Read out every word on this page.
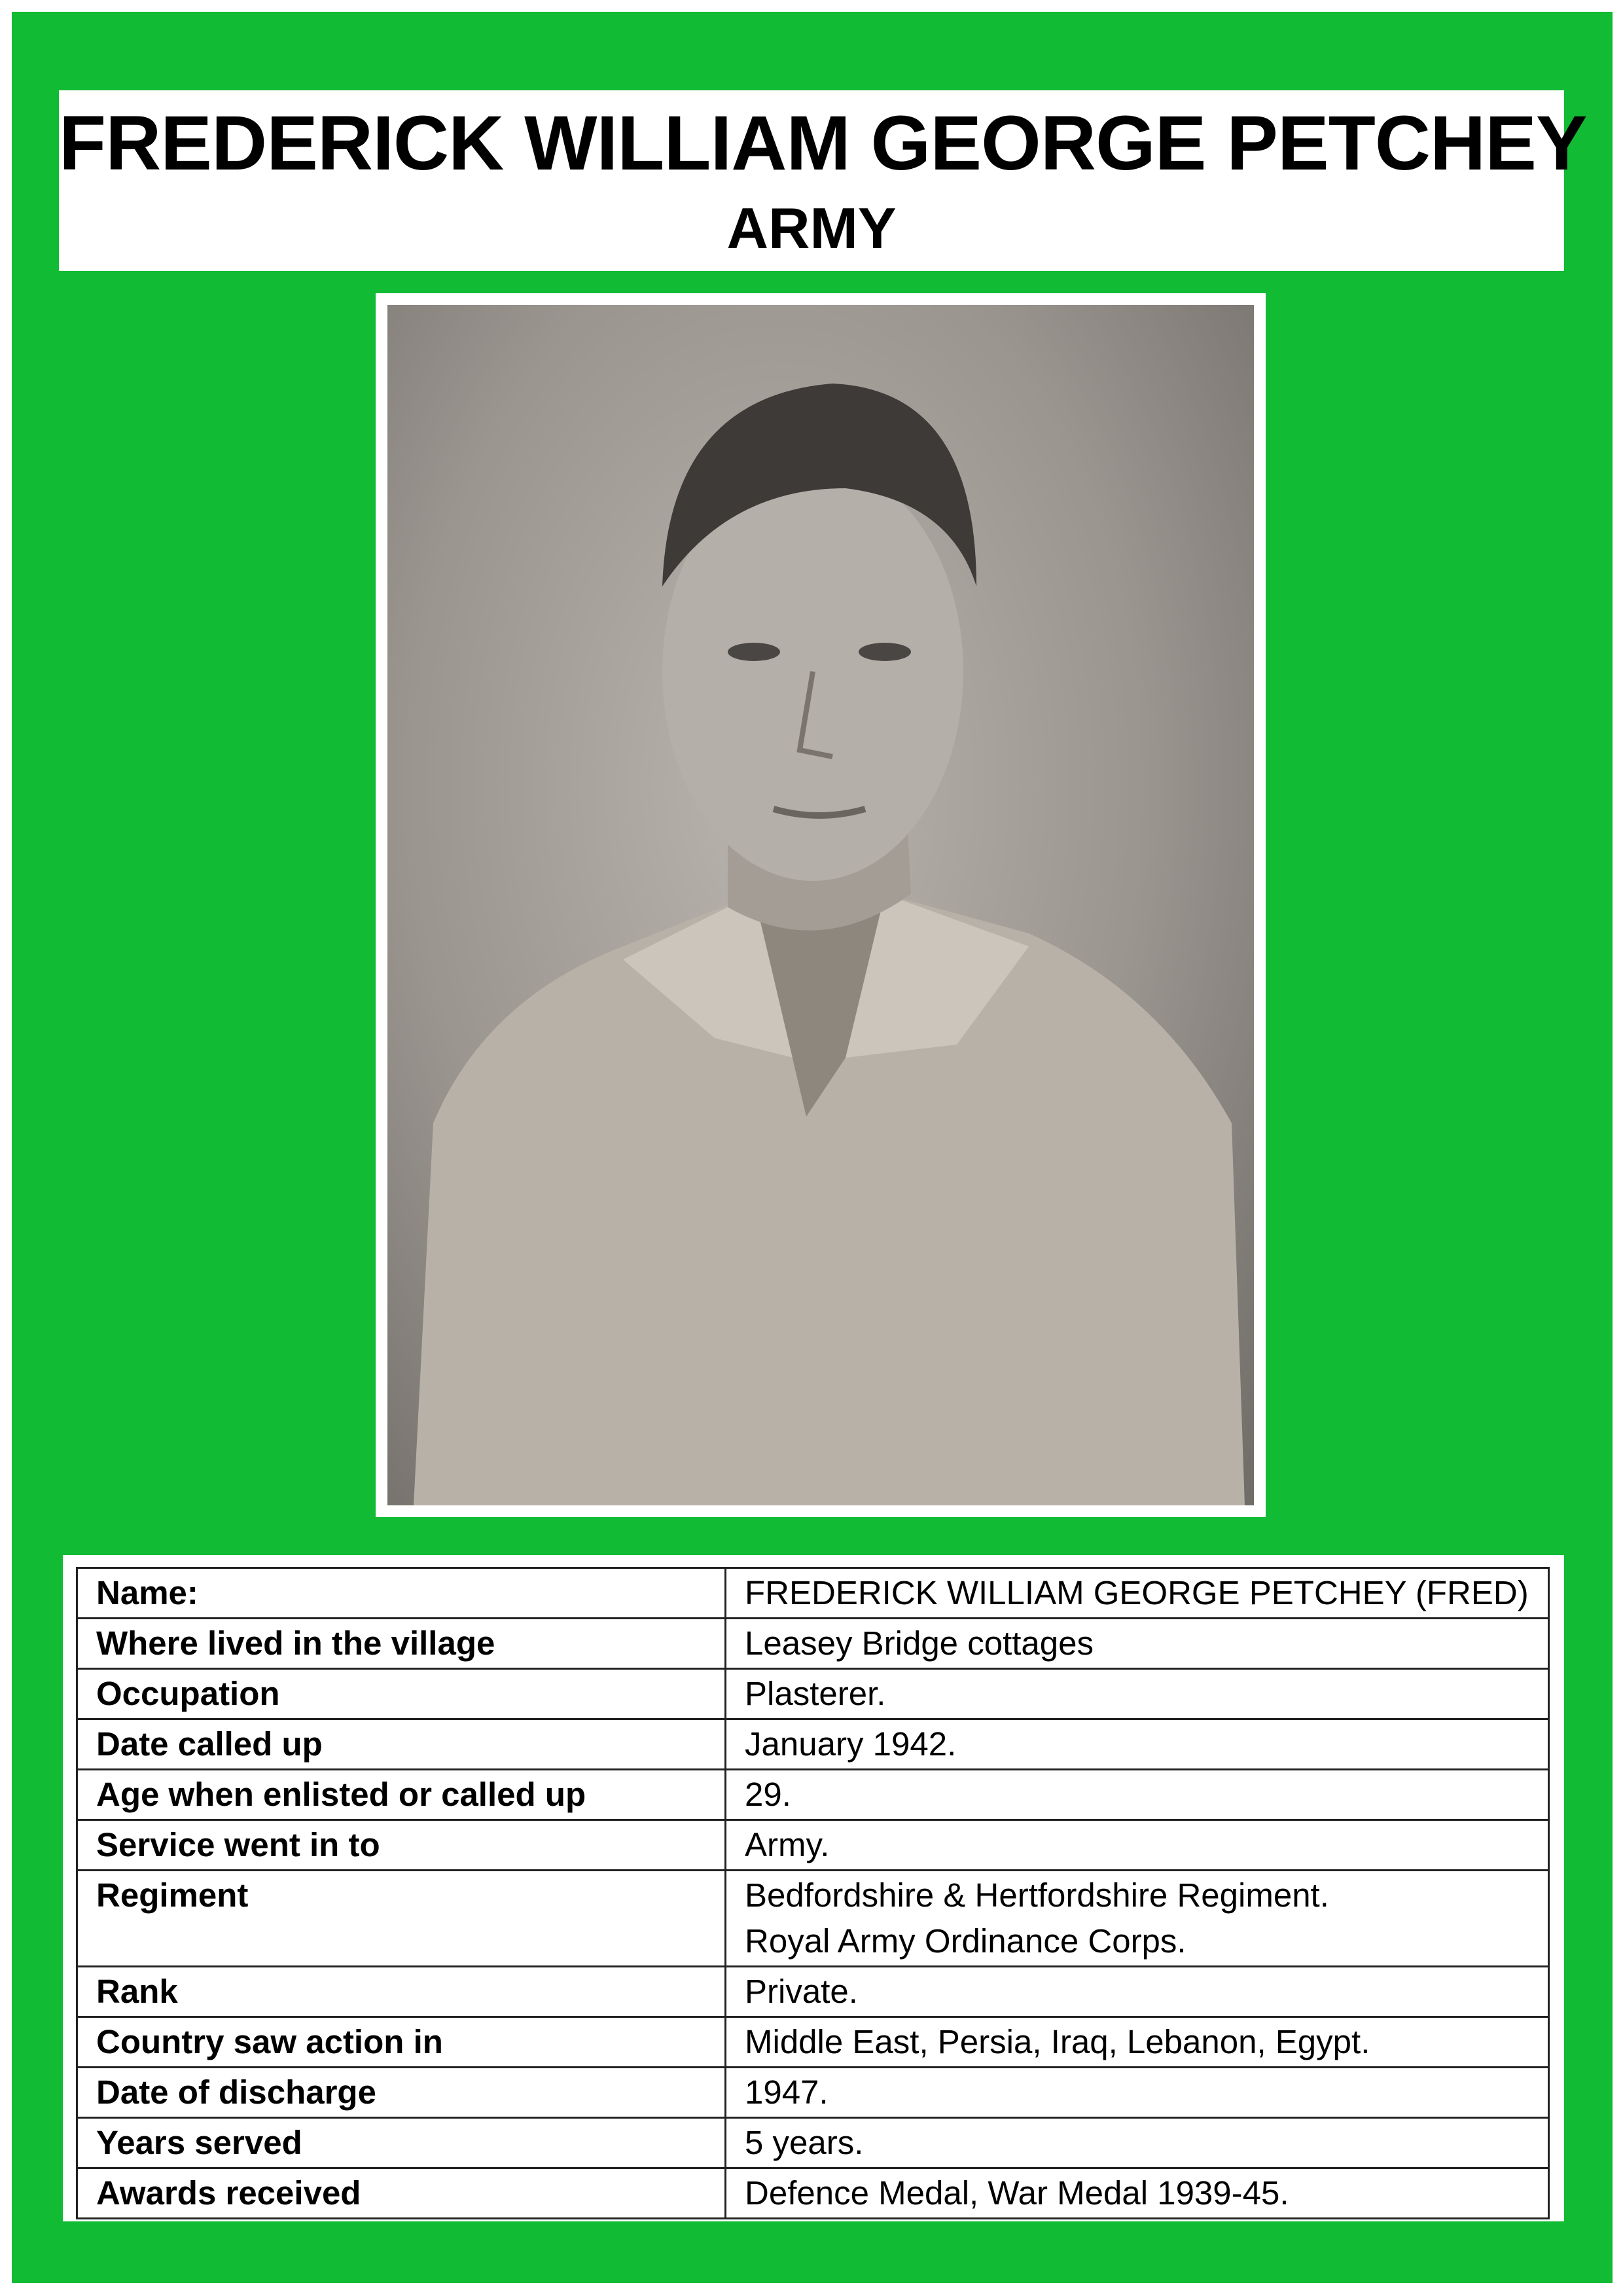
FREDERICK WILLIAM GEORGE PETCHEY
ARMY
Name:	FREDERICK WILLIAM GEORGE PETCHEY (FRED)

Where lived in the village	Leasey Bridge cottages

Occupation	Plasterer.

Date called up	January 1942.

Age when enlisted or called up	29.

Service went in to	Army.

Regiment	Bedfordshire & Hertfordshire Regiment.
Royal Army Ordinance Corps.

Rank	Private.

Country saw action in	Middle East, Persia, Iraq, Lebanon, Egypt.

Date of discharge	1947.

Years served	5 years.

Awards received	Defence Medal, War Medal 1939-45.
